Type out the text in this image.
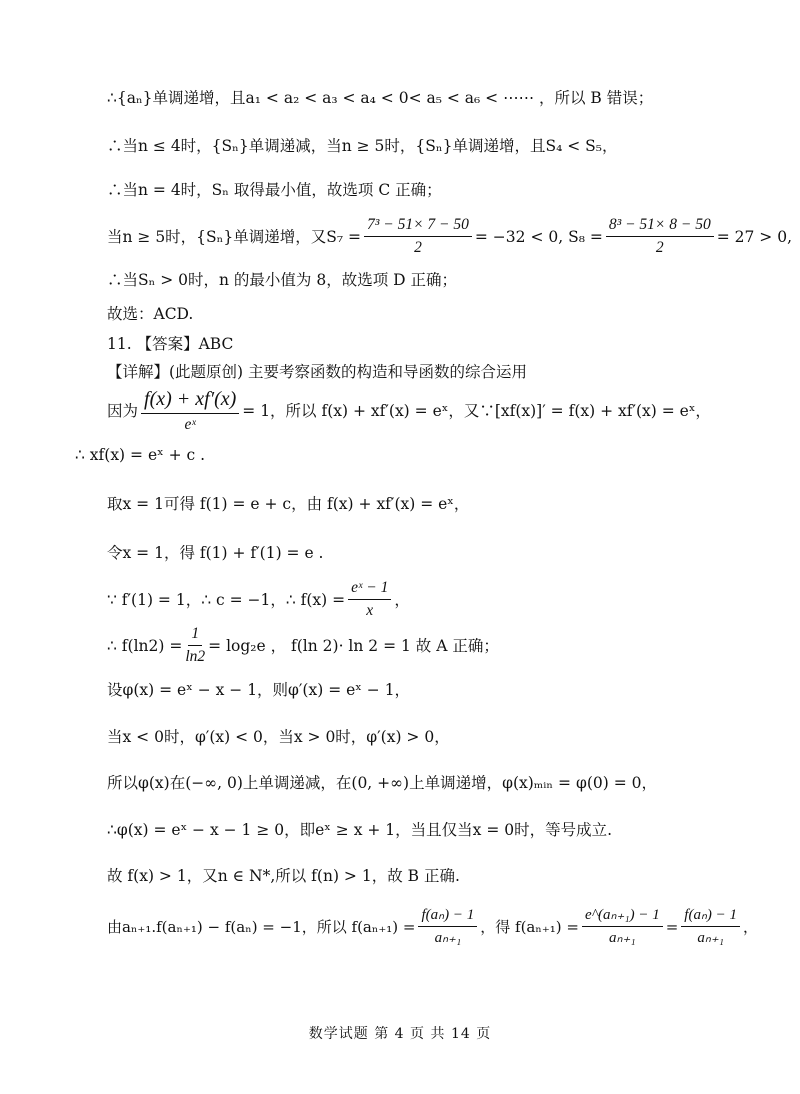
∴{aₙ}单调递增，且a₁ < a₂ < a₃ < a₄ < 0< a₅ < a₆ < ⋯⋯ ，所以 B 错误；
∴当n ≤ 4时，{Sₙ}单调递减，当n ≥ 5时，{Sₙ}单调递增，且S₄ < S₅，
∴当n = 4时，Sₙ 取得最小值，故选项 C 正确；
当n ≥ 5时，{Sₙ}单调递增，又$S_7 = \frac{\text{7³ − 51× 7 − 50}}{2} = -32 < 0$, $S_8 = \frac{\text{8³ − 51× 8 − 50}}{2} = 27 > 0$,
∴当Sₙ > 0时，n 的最小值为 8，故选项 D 正确；
故选：ACD.
11. 【答案】ABC
【详解】(此题原创) 主要考察函数的构造和导函数的综合运用
因为 $\frac{f(x) + xf'(x)}{\text{eˣ}} = 1$，所以 f(x) + xf′(x) = eˣ，又∵[xf(x)]′ = f(x) + xf′(x) = eˣ，
∴ xf(x) = eˣ + c .
取x = 1可得 f(1) = e + c，由 f(x) + xf′(x) = eˣ，
令x = 1，得 f(1) + f′(1) = e .
∵ f′(1) = 1，∴ c = −1，∴ $f(x) = \frac{\text{eˣ − 1}}{x}$ ，
∴ $f(\ln 2) = \frac{1}{\ln 2} = \log_2e$ ， f(ln 2)· ln 2 = 1 故 A 正确；
设φ(x) = eˣ − x − 1，则φ′(x) = eˣ − 1，
当x < 0时，φ′(x) < 0，当x > 0时，φ′(x) > 0，
所以φ(x)在(−∞, 0)上单调递减，在(0, +∞)上单调递增，φ(x)ₘᵢₙ = φ(0) = 0，
∴φ(x) = eˣ − x − 1 ≥ 0，即eˣ ≥ x + 1，当且仅当x = 0时，等号成立.
故 f(x) > 1，又n ∈ N*,所以 f(n) > 1，故 B 正确.
由aₙ₊₁.f(aₙ₊₁) − f(aₙ) = −1，所以 $f(a_{n+1}) = \frac{\text{f(aₙ) − 1}}{\text{aₙ₊₁}}$ ，得 $f(a_{n+1}) = \frac{\text{e\textasciicircum{}(aₙ₊₁) − 1}}{\text{aₙ₊₁}} = \frac{\text{f(aₙ) − 1}}{\text{aₙ₊₁}}$ ，
数学试题 第 4 页 共 14 页
